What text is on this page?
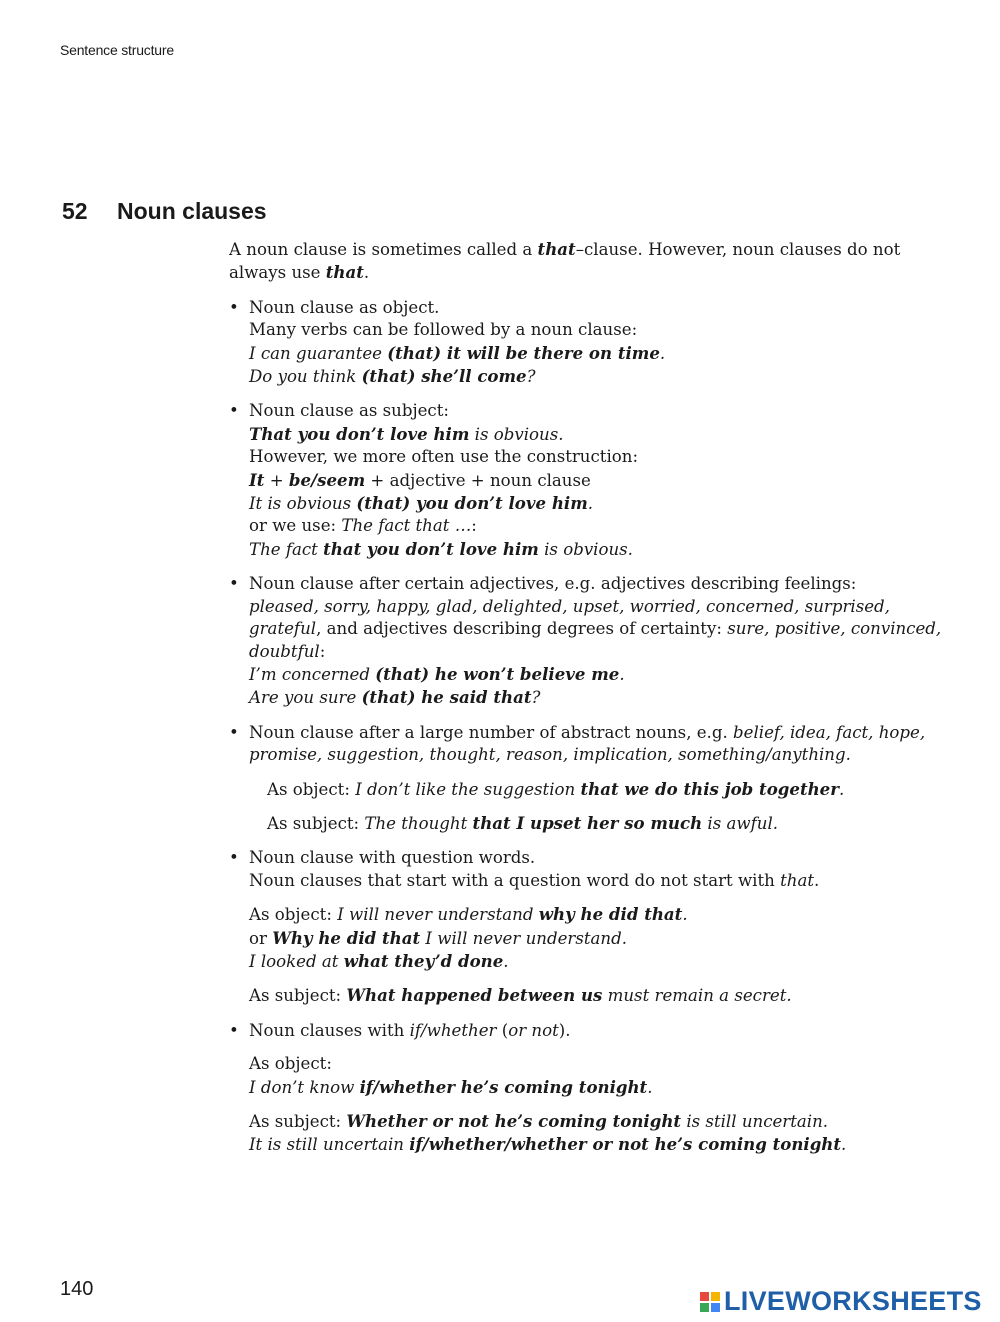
Sentence structure
52 Noun clauses

A noun clause is sometimes called a that–clause. However, noun clauses do not always use that.

• Noun clause as object.

Many verbs can be followed by a noun clause:

I can guarantee (that) it will be there on time.

Do you think (that) she’ll come?

• Noun clause as subject:

That you don’t love him is obvious.

However, we more often use the construction:

It + be/seem + adjective + noun clause

It is obvious (that) you don’t love him.

or we use: The fact that …:

The fact that you don’t love him is obvious.

• Noun clause after certain adjectives, e.g. adjectives describing feelings:

pleased, sorry, happy, glad, delighted, upset, worried, concerned, surprised, grateful, and adjectives describing degrees of certainty: sure, positive, convinced, doubtful:

I’m concerned (that) he won’t believe me.

Are you sure (that) he said that?

• Noun clause after a large number of abstract nouns, e.g. belief, idea, fact, hope, promise, suggestion, thought, reason, implication, something/anything.

As object: I don’t like the suggestion that we do this job together.

As subject: The thought that I upset her so much is awful.

• Noun clause with question words.

Noun clauses that start with a question word do not start with that.

As object: I will never understand why he did that.

or Why he did that I will never understand.

I looked at what they’d done.

As subject: What happened between us must remain a secret.

• Noun clauses with if/whether (or not).

As object:

I don’t know if/whether he’s coming tonight.

As subject: Whether or not he’s coming tonight is still uncertain.

It is still uncertain if/whether/whether or not he’s coming tonight.

140	LIVEWORKSHEETS
